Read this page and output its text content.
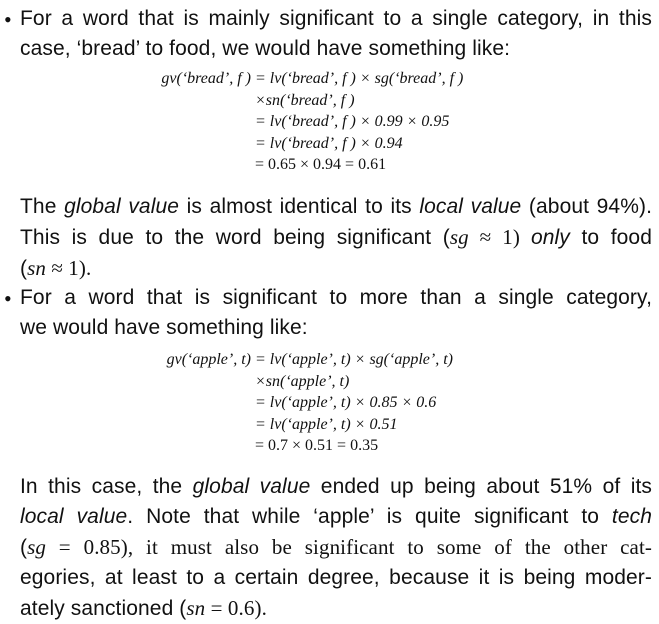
• For a word that is mainly significant to a single category, in this
case, ‘bread’ to food, we would have something like:
gv(‘bread’, f ) = lv(‘bread’, f ) × sg(‘bread’, f )
×sn(‘bread’, f )
= lv(‘bread’, f ) × 0.99 × 0.95
= lv(‘bread’, f ) × 0.94
= 0.65 × 0.94 = 0.61
The global value is almost identical to its local value (about 94%).
This is due to the word being significant (sg ≈ 1) only to food
(sn ≈ 1).
• For a word that is significant to more than a single category,
we would have something like:
gv(‘apple’, t) = lv(‘apple’, t) × sg(‘apple’, t)
×sn(‘apple’, t)
= lv(‘apple’, t) × 0.85 × 0.6
= lv(‘apple’, t) × 0.51
= 0.7 × 0.51 = 0.35
In this case, the global value ended up being about 51% of its
local value. Note that while ‘apple’ is quite significant to tech
(sg = 0.85), it must also be significant to some of the other cat-
egories, at least to a certain degree, because it is being moder-
ately sanctioned (sn = 0.6).
